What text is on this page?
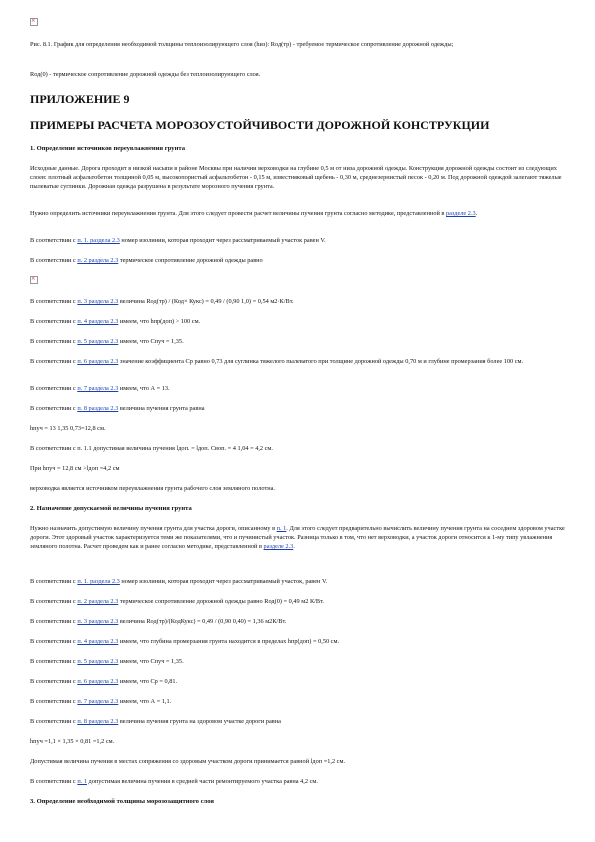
×

Рис. 8.1. График для определения необходимой толщины теплоизолирующего слоя (hиз): Rод(тр) - требуемое термическое сопротивление дорожной одежды;

Rод(0) - термическое сопротивление дорожной одежды без теплоизолирующего слоя.

ПРИЛОЖЕНИЕ 9
ПРИМЕРЫ РАСЧЕТА МОРОЗОУСТОЙЧИВОСТИ ДОРОЖНОЙ КОНСТРУКЦИИ

1. Определение источников переувлажнения грунта

Исходные данные. Дорога проходит в низкой насыпи в районе Москвы при наличии верховодки на глубине 0,5 м от низа дорожной одежды. Конструкция дорожной одежды состоит из следующих слоев: плотный асфальтобетон толщиной 0,05 м, высокопористый асфальтобетон - 0,15 м, известняковый щебень - 0,30 м, среднезернистый песок - 0,20 м. Под дорожной одеждой залегают тяжелые пылеватые суглинки. Дорожная одежда разрушена в результате морозного пучения грунта.

Нужно определить источники переувлажнения грунта. Для этого следует провести расчет величины пучения грунта согласно методике, представленной в разделе 2.3.

В соответствии с п. 1. раздела 2.3 номер изолинии, которая проходит через рассматриваемый участок равен V.

В соответствии с п. 2 раздела 2.3 термическое сопротивление дорожной одежды равно

×

В соответствии с п. 3 раздела 2.3 величина Rод(тр) / (Код× Кукс) = 0,49 / (0,90 1,0) = 0,54 м2·К/Вт.

В соответствии с п. 4 раздела 2.3 имеем, что hпр(доп) > 100 см.

В соответствии с п. 5 раздела 2.3 имеем, что Спуч = 1,35.

В соответствии с п. 6 раздела 2.3 значение коэффициента Ср равно 0,73 для суглинка тяжелого пылеватого при толщине дорожной одежды 0,70 м и глубине промерзания более 100 см.

В соответствии с п. 7 раздела 2.3 имеем, что А = 13.

В соответствии с п. 8 раздела 2.3 величина пучения грунта равна

hпуч = 13 1,35 0,73=12,8 см.

В соответствии с п. 1.1 допустимая величина пучения lдоп. = lдоп. Своп. = 4 1,04 = 4,2 см.

При hпуч = 12,8 см >lдоп =4,2 см

верховодка является источником переувлажнения грунта рабочего слоя земляного полотна.

2. Назначение допускаемой величины пучения грунта

Нужно назначить допустимую величину пучения грунта для участка дороги, описанному в п. 1. Для этого следует предварительно вычислить величину пучения грунта на соседнем здоровом участке дороги. Этот здоровый участок характеризуется теми же показателями, что и пучинистый участок. Разница только в том, что нет верховодки, а участок дороги относится к 1-му типу увлажнения земляного полотна. Расчет проведем как и ранее согласно методике, представленной в разделе 2.3.

В соответствии с п. 1. раздела 2.3 номер изолинии, которая проходит через рассматриваемый участок, равен V.

В соответствии с п. 2 раздела 2.3 термическое сопротивление дорожной одежды равно Rод(0) = 0,49 м2 К/Вт.

В соответствии с п. 3 раздела 2.3 величина Rод(тр)/(КодКукс) = 0,49 / (0,90 0,40) = 1,36 м2К/Вт.

В соответствии с п. 4 раздела 2.3 имеем, что глубина промерзания грунта находится в пределах hпр(доп) = 0,50 см.

В соответствии с п. 5 раздела 2.3 имеем, что Спуч = 1,35.

В соответствии с п. 6 раздела 2.3 имеем, что Ср = 0,81.

В соответствии с п. 7 раздела 2.3 имеем, что А = 1,1.

В соответствии с п. 8 раздела 2.3 величина пучения грунта на здоровом участке дороги равна

hпуч =1,1 × 1,35 × 0,81 =1,2 см.

Допустимая величина пучения в местах сопряжения со здоровым участком дороги принимается равной lдоп =1,2 см.

В соответствии с п. 1 допустимая величина пучения в средней части ремонтируемого участка равна 4,2 см.

3. Определение необходимой толщины морозозащитного слоя
